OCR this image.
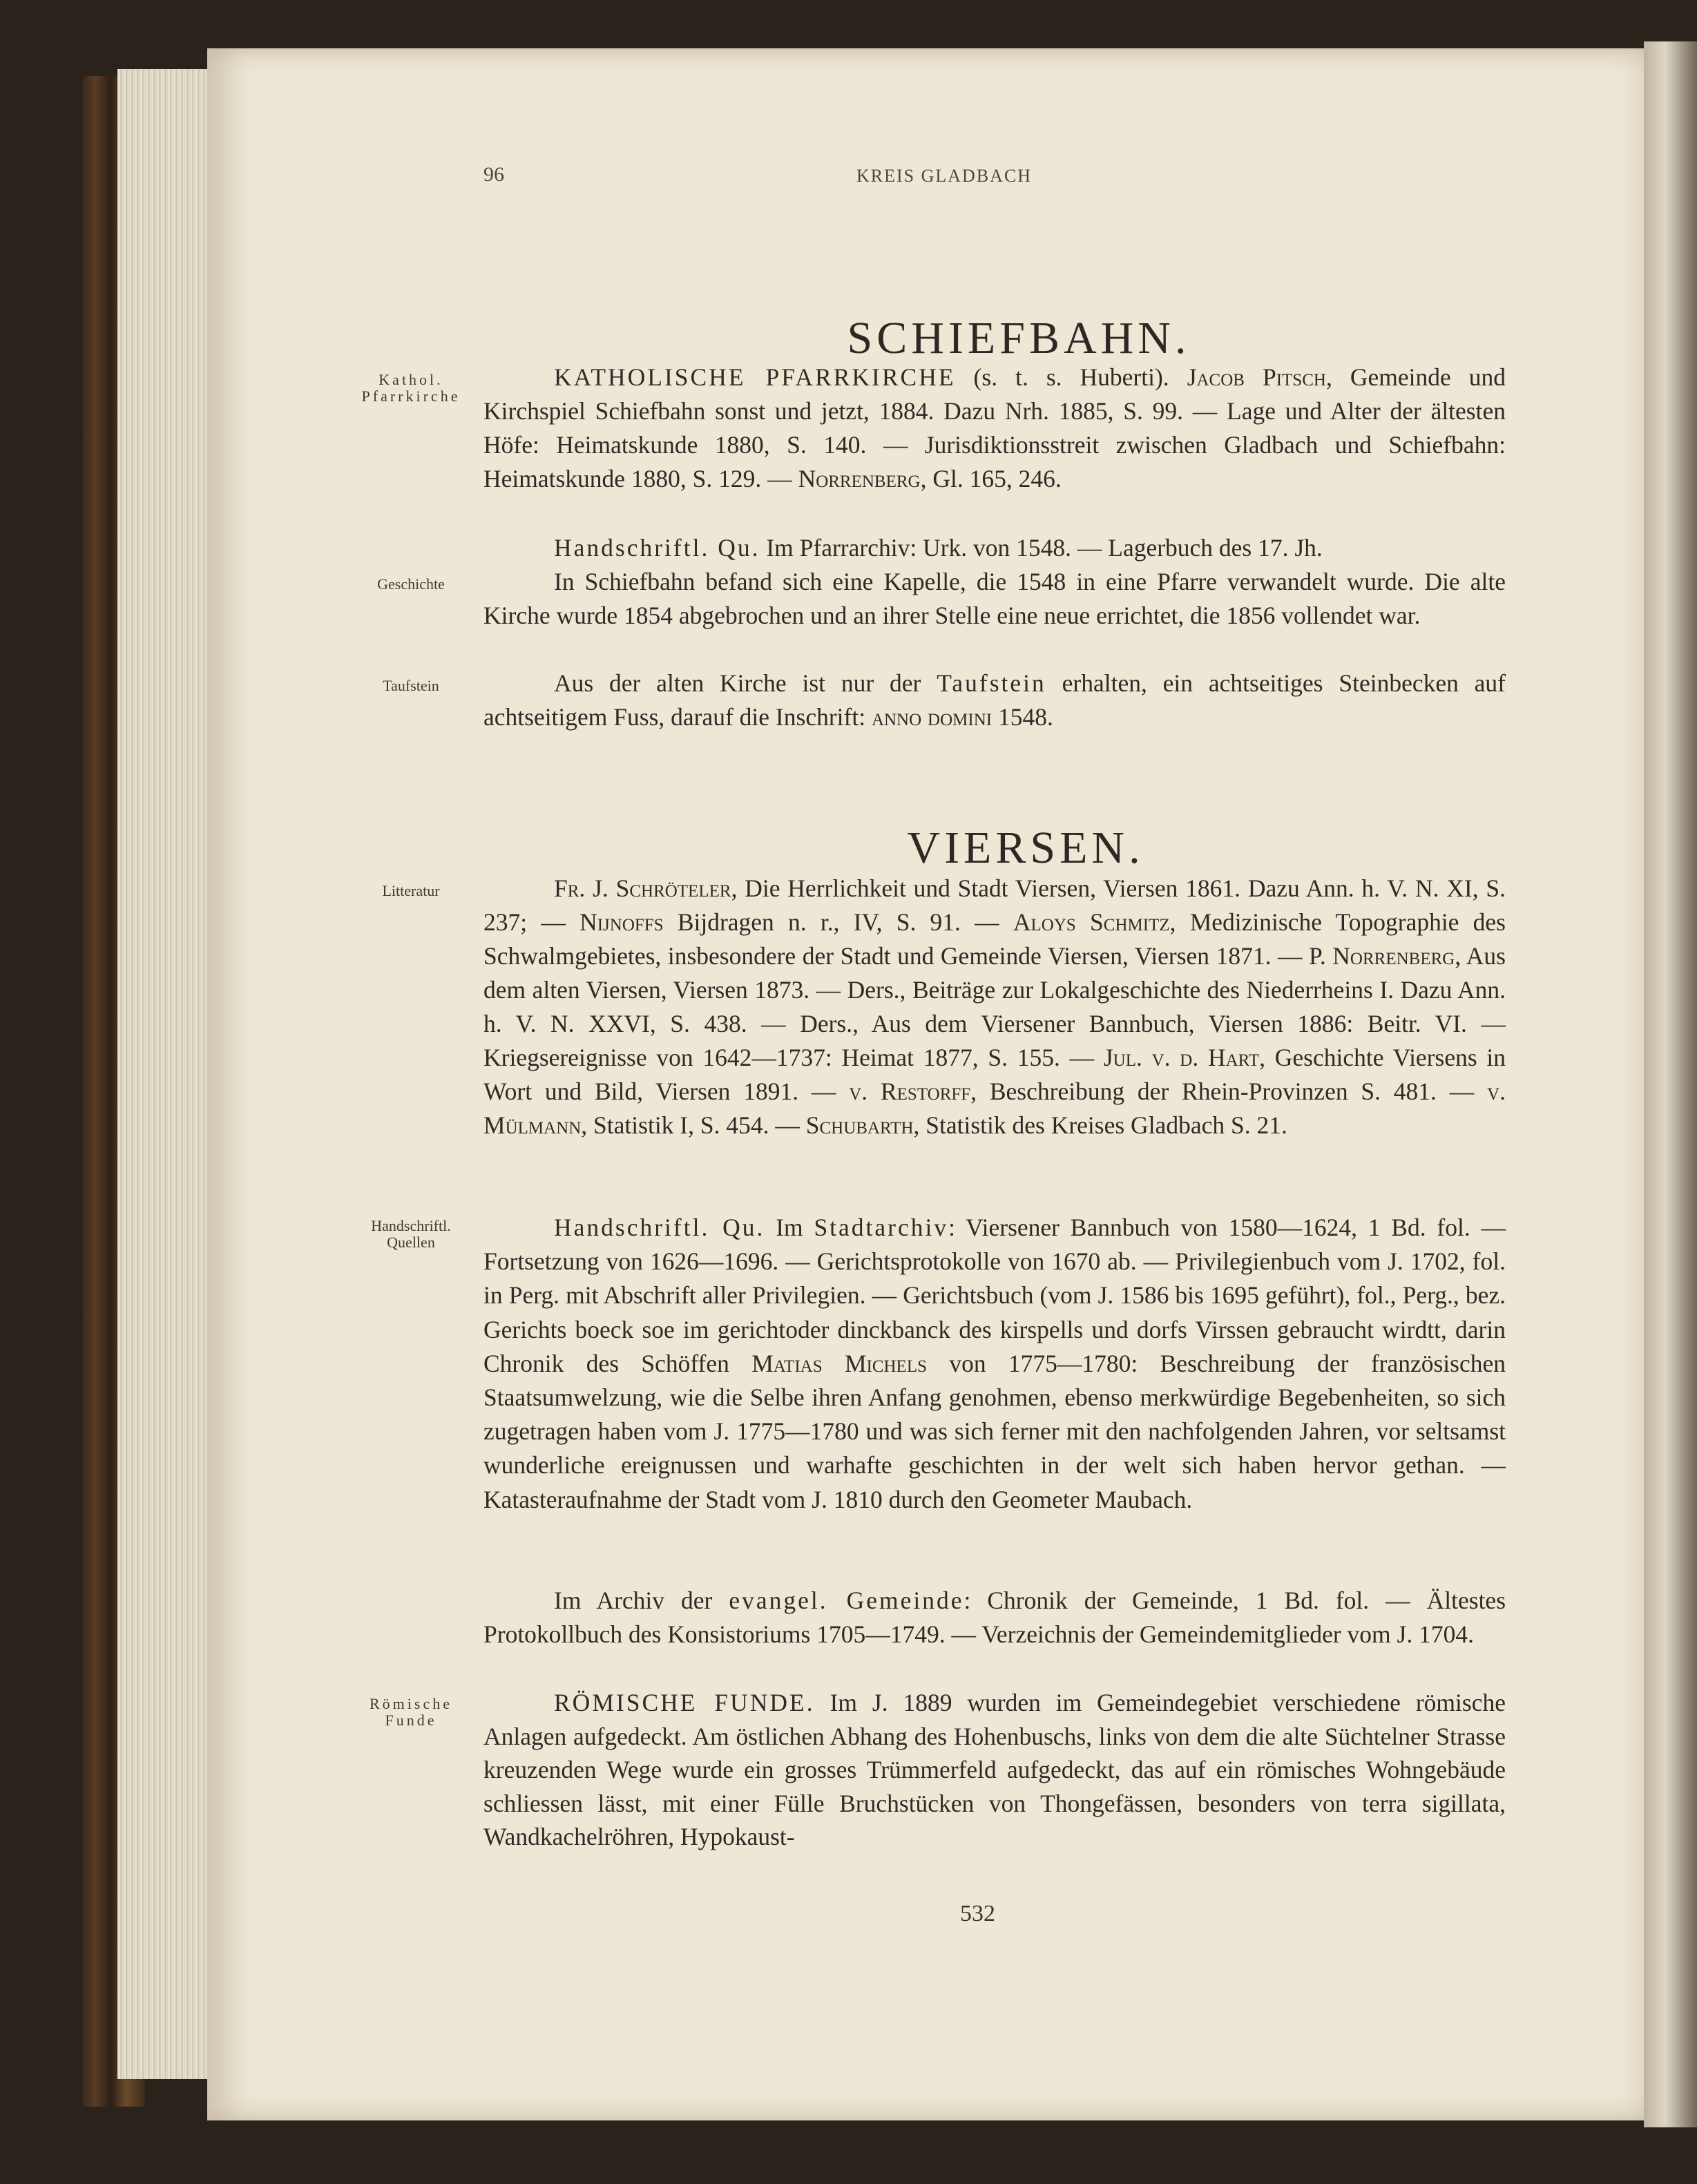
96	KREIS GLADBACH
SCHIEFBAHN.
Kathol. Pfarrkirche
Geschichte
Taufstein

KATHOLISCHE PFARRKIRCHE (s. t. s. Huberti). Jacob Pitsch, Gemeinde und Kirchspiel Schiefbahn sonst und jetzt, 1884. Dazu Nrh. 1885, S. 99. — Lage und Alter der ältesten Höfe: Heimatskunde 1880, S. 140. — Jurisdiktionsstreit zwischen Gladbach und Schiefbahn: Heimatskunde 1880, S. 129. — Norrenberg, Gl. 165, 246.

Handschriftl. Qu. Im Pfarrarchiv: Urk. von 1548. — Lagerbuch des 17. Jh.

In Schiefbahn befand sich eine Kapelle, die 1548 in eine Pfarre verwandelt wurde. Die alte Kirche wurde 1854 abgebrochen und an ihrer Stelle eine neue errichtet, die 1856 vollendet war.

Aus der alten Kirche ist nur der Taufstein erhalten, ein achtseitiges Steinbecken auf achtseitigem Fuss, darauf die Inschrift: anno domini 1548.

VIERSEN.
Litteratur
Handschriftl. Quellen
Römische Funde

Fr. J. Schröteler, Die Herrlichkeit und Stadt Viersen, Viersen 1861. Dazu Ann. h. V. N. XI, S. 237; — Nijnoffs Bijdragen n. r., IV, S. 91. — Aloys Schmitz, Medizinische Topographie des Schwalmgebietes, insbesondere der Stadt und Gemeinde Viersen, Viersen 1871. — P. Norrenberg, Aus dem alten Viersen, Viersen 1873. — Ders., Beiträge zur Lokalgeschichte des Niederrheins I. Dazu Ann. h. V. N. XXVI, S. 438. — Ders., Aus dem Viersener Bannbuch, Viersen 1886: Beitr. VI. — Kriegsereignisse von 1642—1737: Heimat 1877, S. 155. — Jul. v. d. Hart, Geschichte Viersens in Wort und Bild, Viersen 1891. — v. Restorff, Beschreibung der Rhein-Provinzen S. 481. — v. Mülmann, Statistik I, S. 454. — Schubarth, Statistik des Kreises Gladbach S. 21.

Handschriftl. Qu. Im Stadtarchiv: Viersener Bannbuch von 1580—1624, 1 Bd. fol. — Fortsetzung von 1626—1696. — Gerichtsprotokolle von 1670 ab. — Privilegienbuch vom J. 1702, fol. in Perg. mit Abschrift aller Privilegien. — Gerichtsbuch (vom J. 1586 bis 1695 geführt), fol., Perg., bez. Gerichts boeck soe im gerichtoder dinckbanck des kirspells und dorfs Virssen gebraucht wirdtt, darin Chronik des Schöffen Matias Michels von 1775—1780: Beschreibung der französischen Staatsumwelzung, wie die Selbe ihren Anfang genohmen, ebenso merkwürdige Begebenheiten, so sich zugetragen haben vom J. 1775—1780 und was sich ferner mit den nachfolgenden Jahren, vor seltsamst wunderliche ereignussen und warhafte geschichten in der welt sich haben hervor gethan. — Katasteraufnahme der Stadt vom J. 1810 durch den Geometer Maubach.

Im Archiv der evangel. Gemeinde: Chronik der Gemeinde, 1 Bd. fol. — Ältestes Protokollbuch des Konsistoriums 1705—1749. — Verzeichnis der Gemeindemitglieder vom J. 1704.

RÖMISCHE FUNDE. Im J. 1889 wurden im Gemeindegebiet verschiedene römische Anlagen aufgedeckt. Am östlichen Abhang des Hohenbuschs, links von dem die alte Süchtelner Strasse kreuzenden Wege wurde ein grosses Trümmerfeld aufgedeckt, das auf ein römisches Wohngebäude schliessen lässt, mit einer Fülle Bruchstücken von Thongefässen, besonders von terra sigillata, Wandkachelröhren, Hypokaust-

532
